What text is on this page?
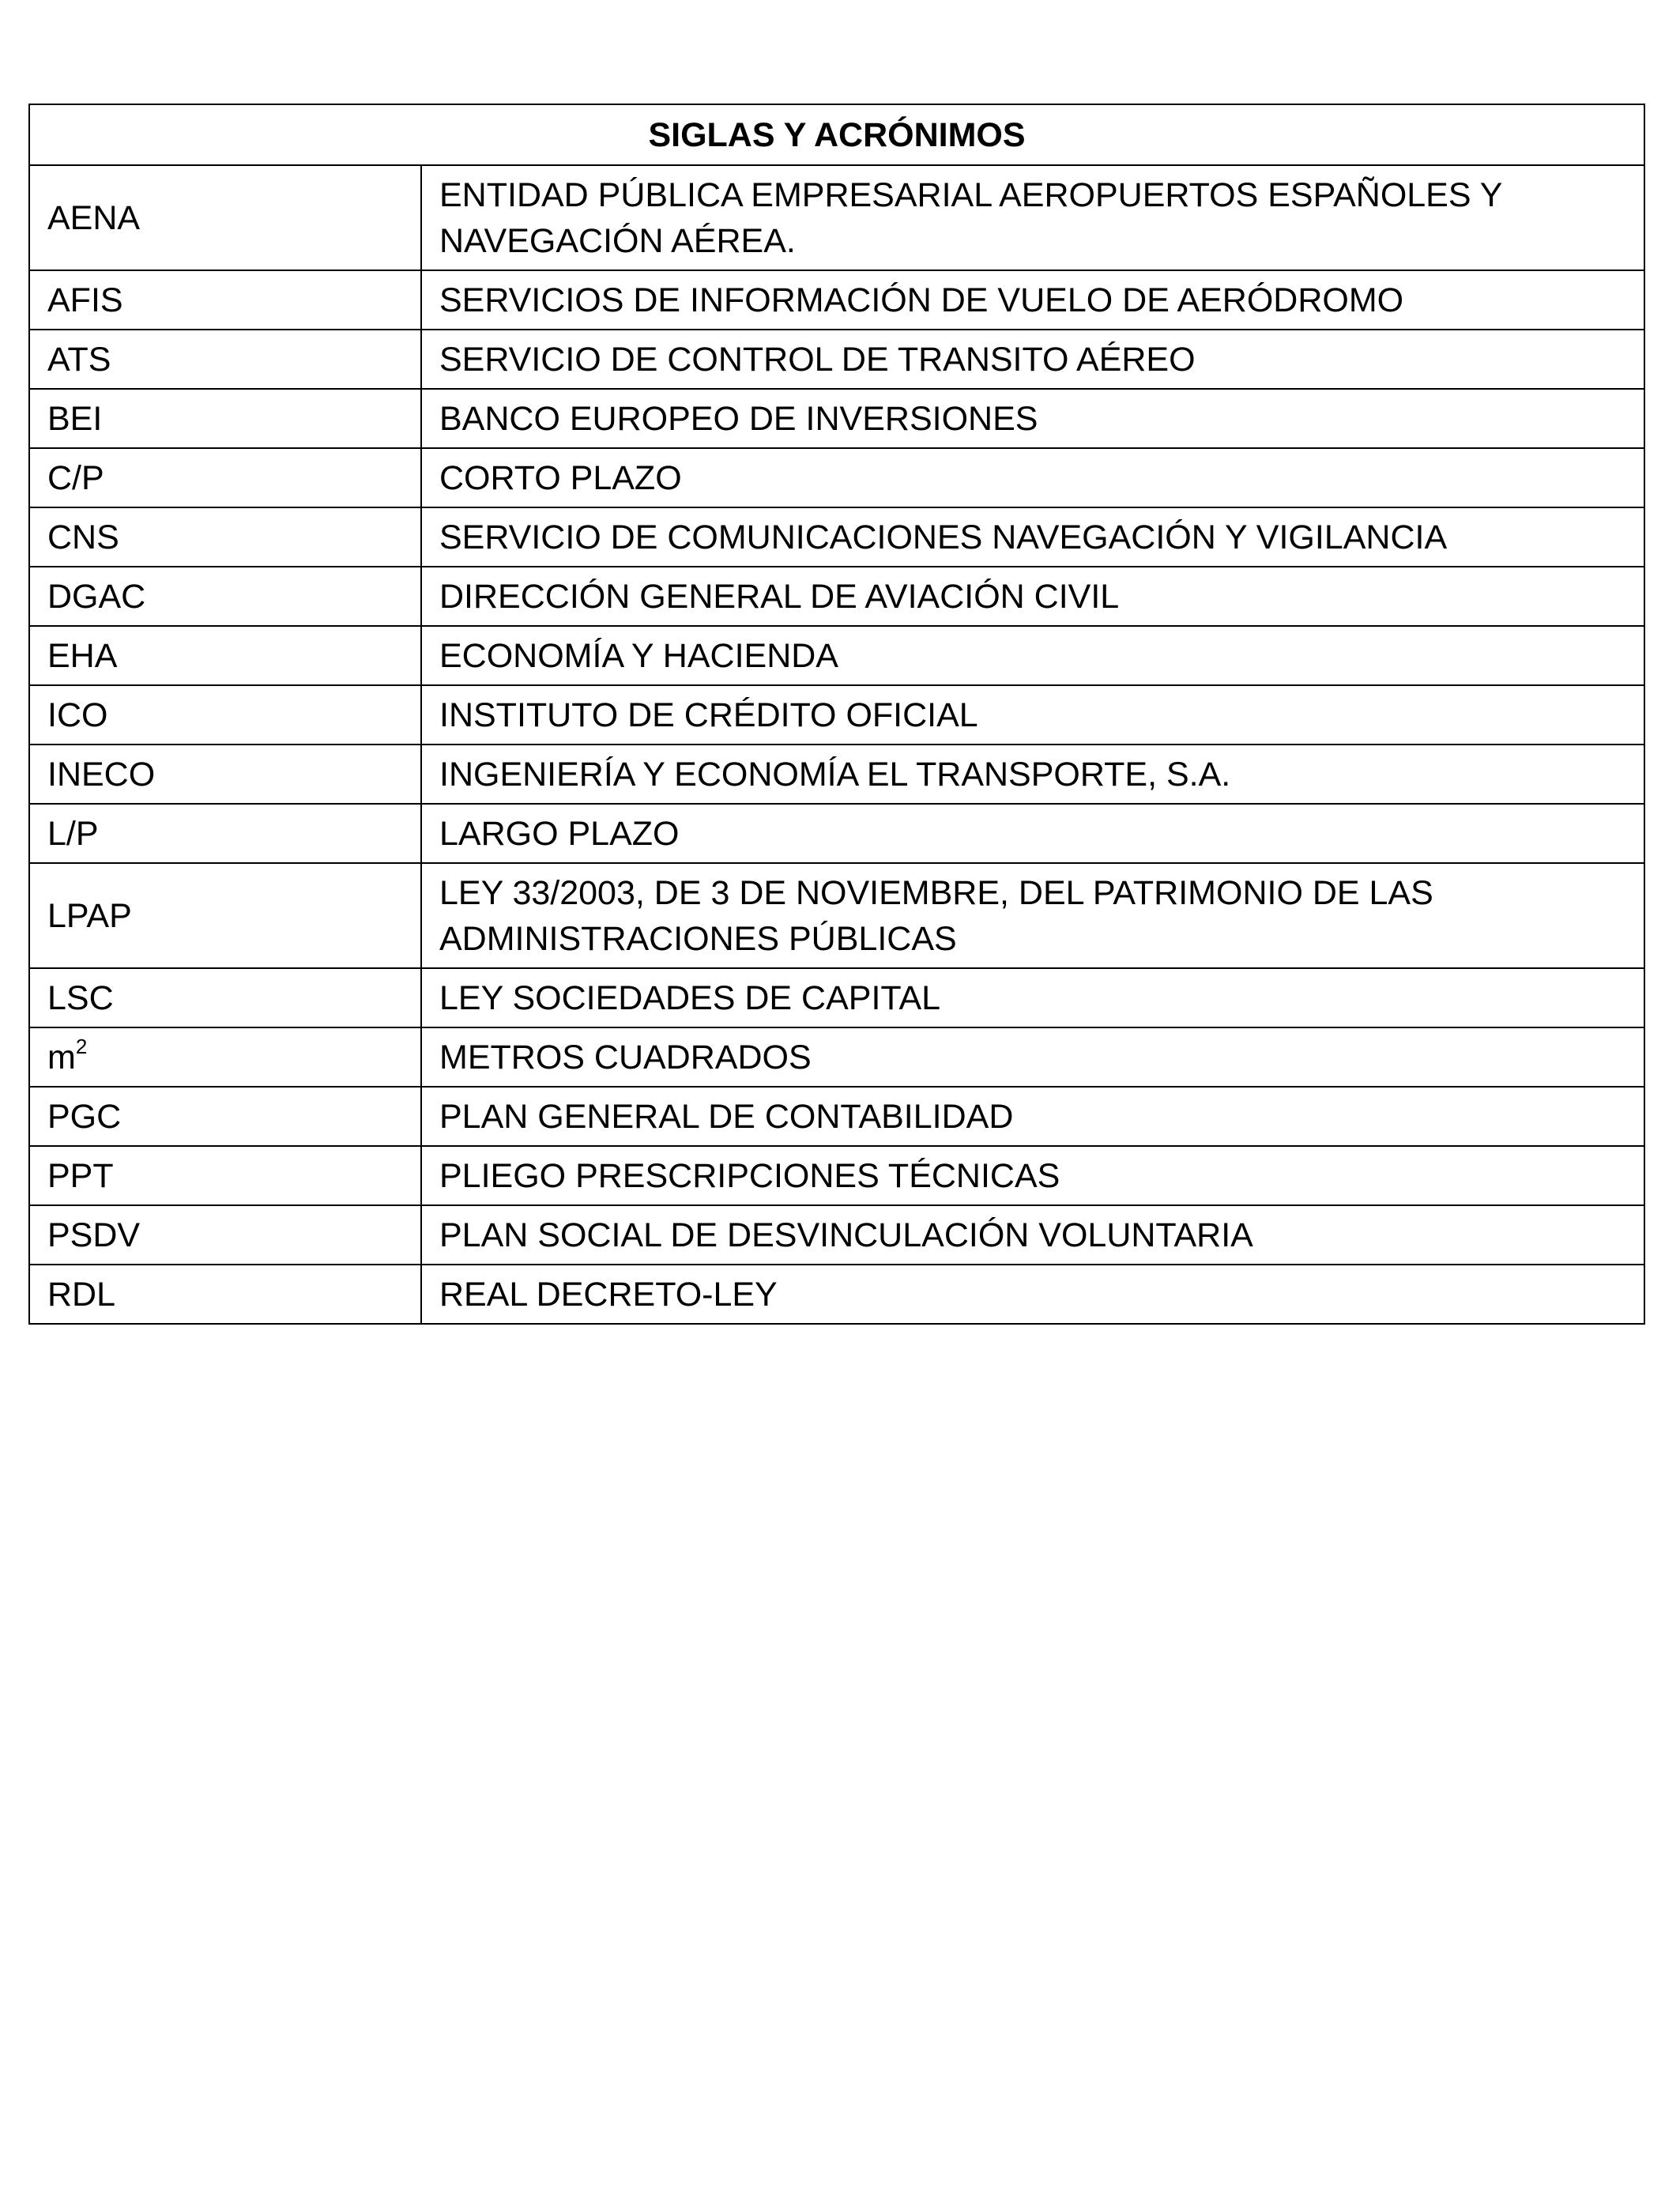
SIGLAS Y ACRÓNIMOS	
AENA	ENTIDAD PÚBLICA EMPRESARIAL AEROPUERTOS ESPAÑOLES Y NAVEGACIÓN AÉREA.
AFIS	SERVICIOS DE INFORMACIÓN DE VUELO DE AERÓDROMO
ATS	SERVICIO DE CONTROL DE TRANSITO AÉREO
BEI	BANCO EUROPEO DE INVERSIONES
C/P	CORTO PLAZO
CNS	SERVICIO DE COMUNICACIONES NAVEGACIÓN Y VIGILANCIA
DGAC	DIRECCIÓN GENERAL DE AVIACIÓN CIVIL
EHA	ECONOMÍA Y HACIENDA
ICO	INSTITUTO DE CRÉDITO OFICIAL
INECO	INGENIERÍA Y ECONOMÍA EL TRANSPORTE, S.A.
L/P	LARGO PLAZO
LPAP	LEY 33/2003, DE 3 DE NOVIEMBRE, DEL PATRIMONIO DE LAS ADMINISTRACIONES PÚBLICAS
LSC	LEY SOCIEDADES DE CAPITAL
$m^2$	METROS CUADRADOS
PGC	PLAN GENERAL DE CONTABILIDAD
PPT	PLIEGO PRESCRIPCIONES TÉCNICAS
PSDV	PLAN SOCIAL DE DESVINCULACIÓN VOLUNTARIA
RDL	REAL DECRETO-LEY
